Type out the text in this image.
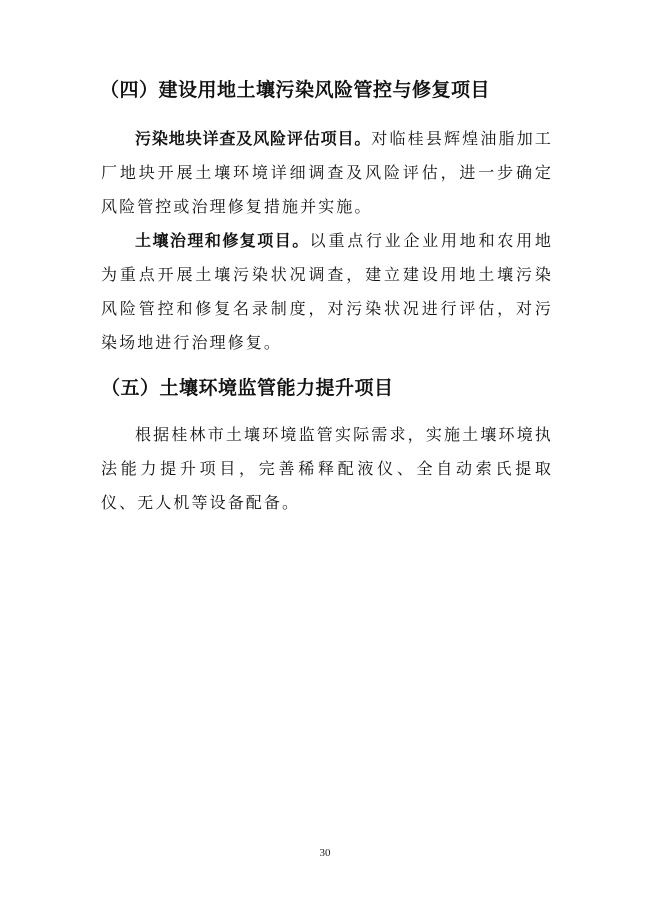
（四）建设用地土壤污染风险管控与修复项目

污染地块详查及风险评估项目。对临桂县辉煌油脂加工厂地块开展土壤环境详细调查及风险评估，进一步确定风险管控或治理修复措施并实施。

土壤治理和修复项目。以重点行业企业用地和农用地为重点开展土壤污染状况调查，建立建设用地土壤污染风险管控和修复名录制度，对污染状况进行评估，对污染场地进行治理修复。

（五）土壤环境监管能力提升项目

根据桂林市土壤环境监管实际需求，实施土壤环境执法能力提升项目，完善稀释配液仪、全自动索氏提取仪、无人机等设备配备。

30
